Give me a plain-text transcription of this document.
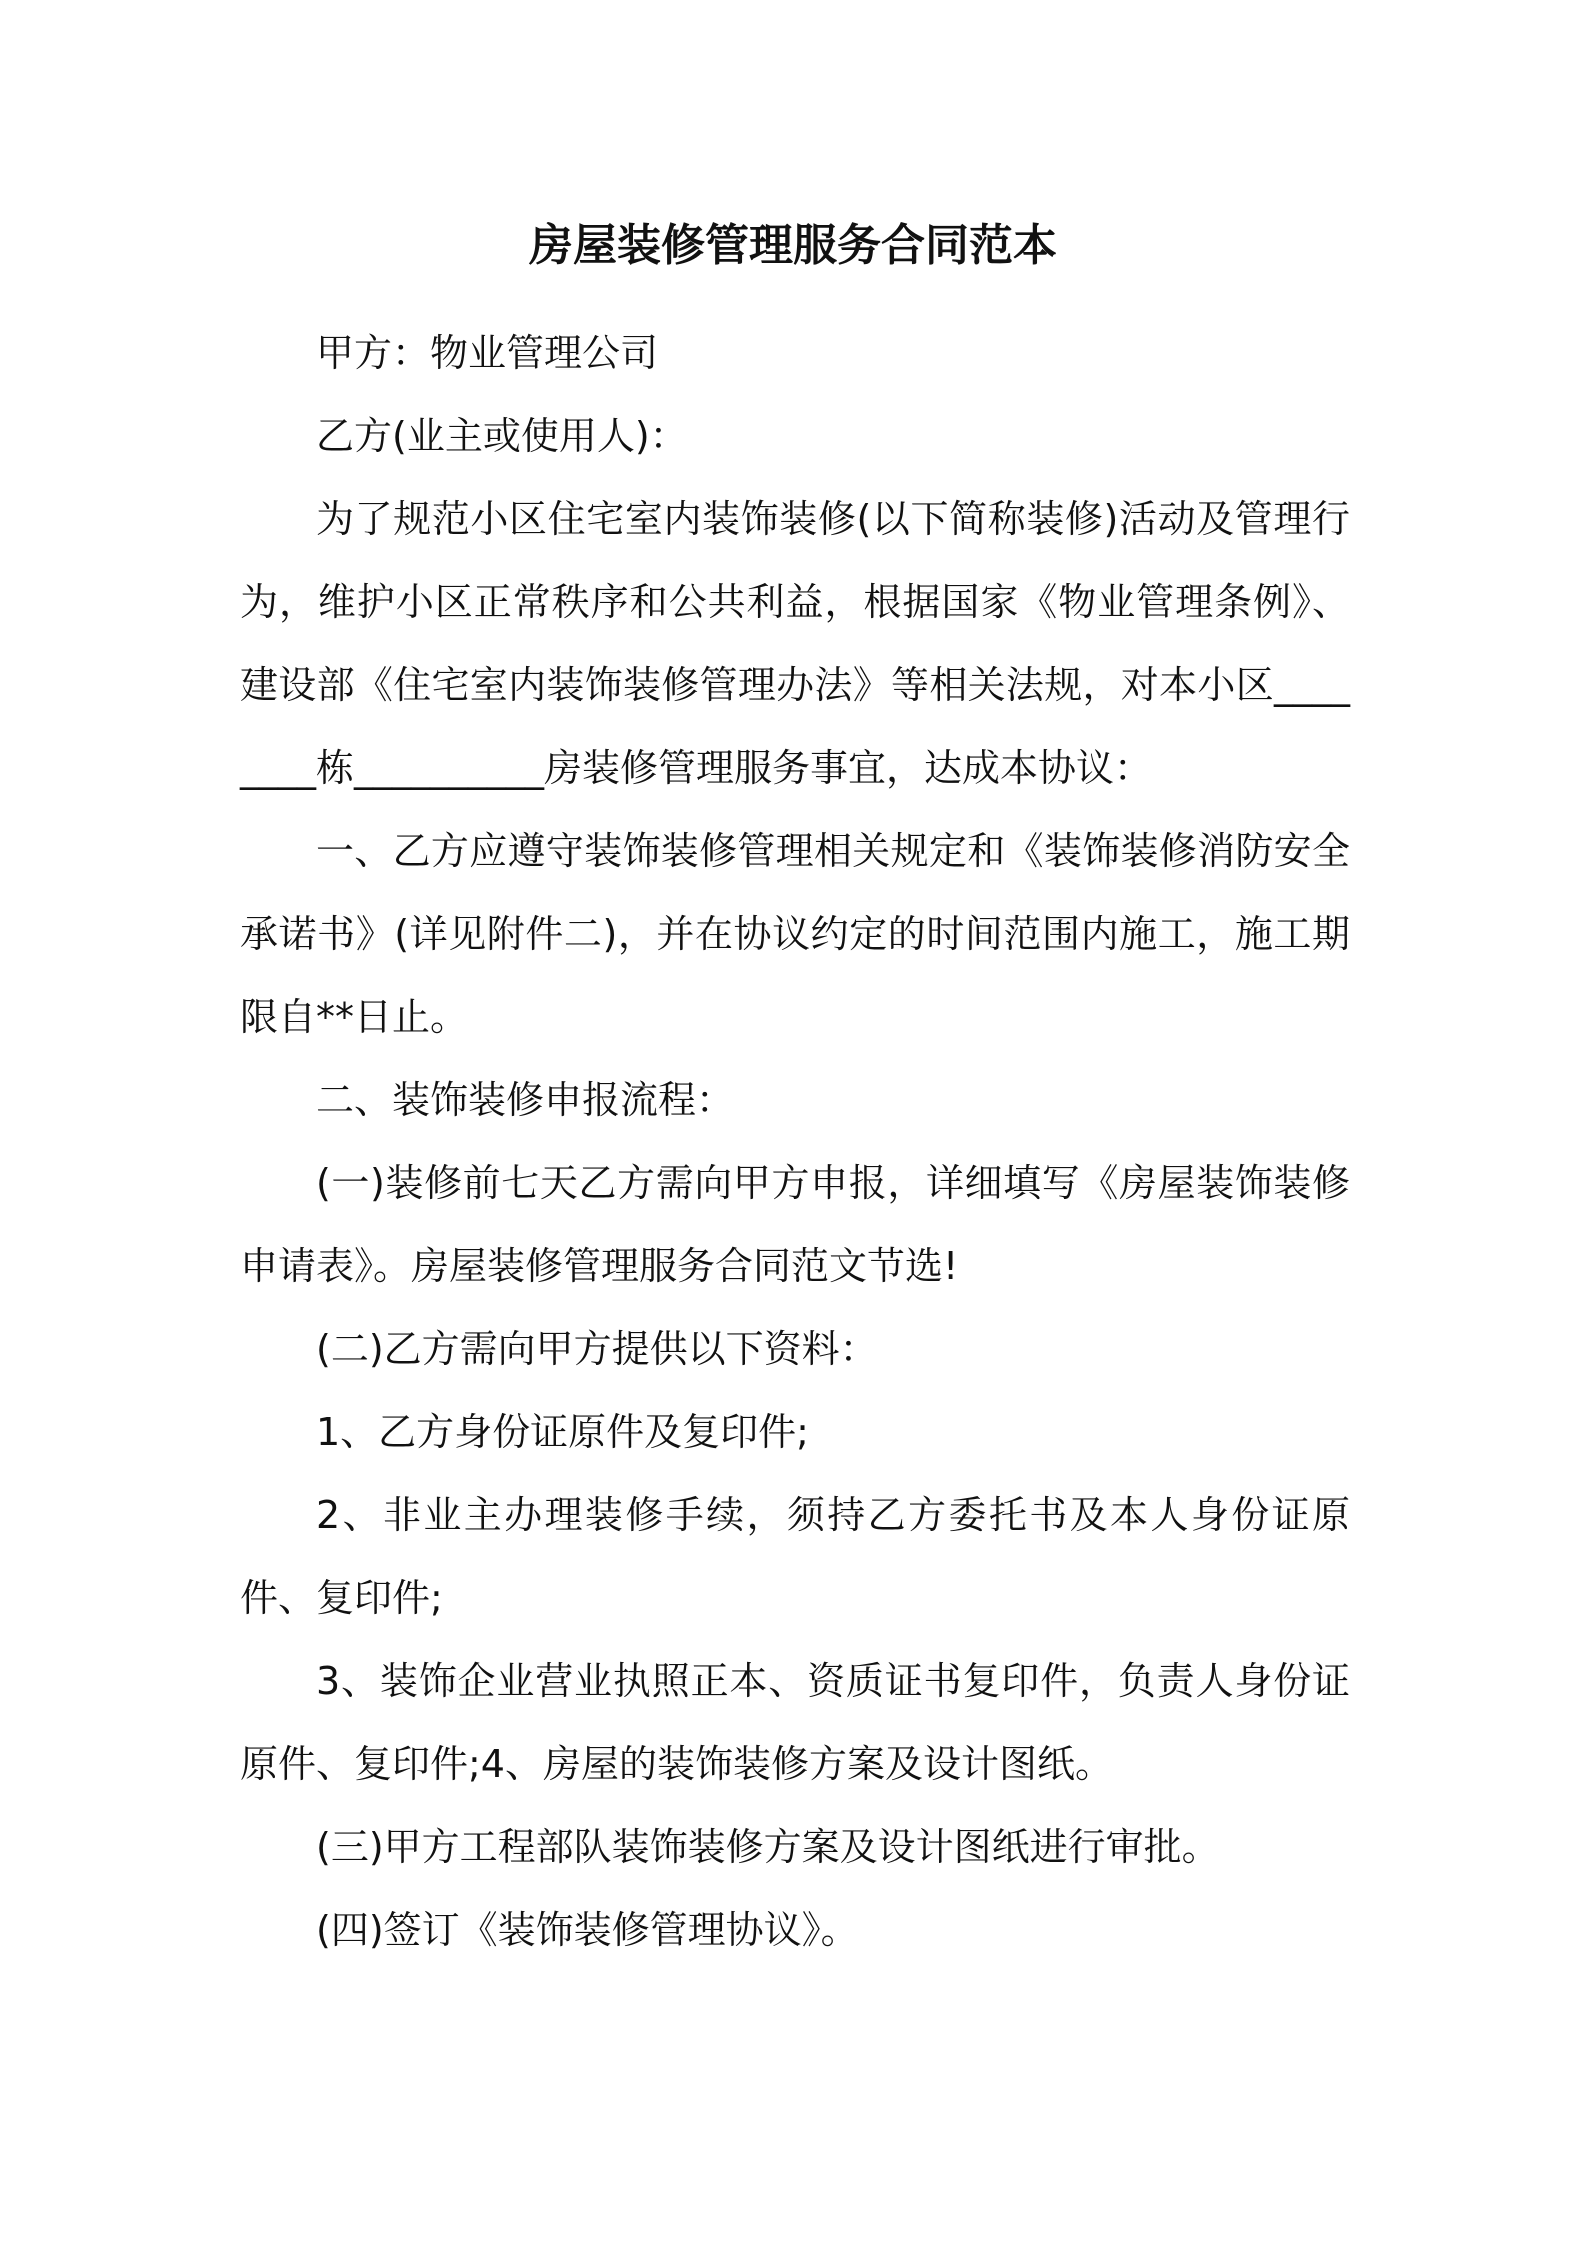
房屋装修管理服务合同范本

甲方：物业管理公司

乙方(业主或使用人)：

为了规范小区住宅室内装饰装修(以下简称装修)活动及管理行为，维护小区正常秩序和公共利益，根据国家《物业管理条例》、建设部《住宅室内装饰装修管理办法》等相关法规，对本小区________栋__________房装修管理服务事宜，达成本协议：

一、乙方应遵守装饰装修管理相关规定和《装饰装修消防安全承诺书》(详见附件二)，并在协议约定的时间范围内施工，施工期限自**日止。

二、装饰装修申报流程：

(一)装修前七天乙方需向甲方申报，详细填写《房屋装饰装修申请表》。房屋装修管理服务合同范文节选!

(二)乙方需向甲方提供以下资料：

1、乙方身份证原件及复印件;

2、非业主办理装修手续，须持乙方委托书及本人身份证原件、复印件;

3、装饰企业营业执照正本、资质证书复印件，负责人身份证原件、复印件;4、房屋的装饰装修方案及设计图纸。

(三)甲方工程部队装饰装修方案及设计图纸进行审批。

(四)签订《装饰装修管理协议》。
